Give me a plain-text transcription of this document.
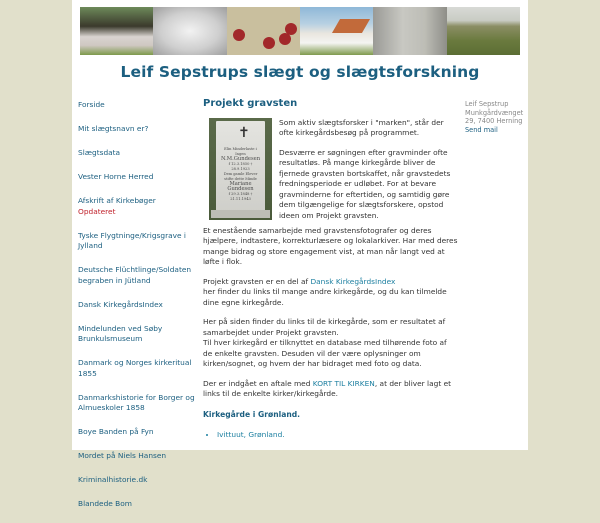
Leif Sepstrups slægt og slægtsforskning
Forside
Mit slægtsnavn er?
Slægtsdata
Vester Horne Herred
Afskrift af Kirkebøger
Opdateret
Tyske Flygtninge/Krigsgrave i Jylland
Deutsche Flüchtlinge/Soldaten begraben in Jütland
Dansk KirkegårdsIndex
Mindelunden ved Søby Brunkulsmuseum
Danmark og Norges kirkeritual 1855
Danmarkshistorie for Borger og Almueskoler 1858
Boye Banden på Fyn
Mordet på Niels Hansen
Kriminalhistorie.dk
Blandede Bom
Projekt gravsten
✝
Elin Minderlaste i Ingen
N.M.Gundesen
f 12.3.1850 † 28.9.1923
Dem gamle Elever
stifte dette Minde
Mariane Gundesen
f 29.3.1848 † 21.11.1943

Som aktiv slægtsforsker i "marken", står der ofte kirkegårdsbesøg på programmet.

Desværre er søgningen efter gravminder ofte resultatløs. På mange kirkegårde bliver de fjernede gravsten bortskaffet, når gravstedets fredningsperiode er udløbet. For at bevare gravminderne for eftertiden, og samtidig gøre dem tilgængelige for slægtsforskere, opstod ideen om Projekt gravsten.

Et enestående samarbejde med gravstensfotografer og deres hjælpere, indtastere, korrekturlæsere og lokalarkiver. Har med deres mange bidrag og store engagement vist, at man når langt ved at løfte i flok.

Projekt gravsten er en del af Dansk KirkegårdsIndex
her finder du links til mange andre kirkegårde, og du kan tilmelde dine egne kirkegårde.

Her på siden finder du links til de kirkegårde, som er resultatet af samarbejdet under Projekt gravsten.
Til hver kirkegård er tilknyttet en database med tilhørende foto af de enkelte gravsten. Desuden vil der være oplysninger om kirken/sognet, og hvem der har bidraget med foto og data.

Der er indgået en aftale med KORT TIL KIRKEN, at der bliver lagt et links til de enkelte kirker/kirkegårde.

Kirkegårde i Grønland.
• Ivittuut, Grønland.
Leif Sepstrup
Munkgårdvænget
29, 7400 Herning
Send mail
